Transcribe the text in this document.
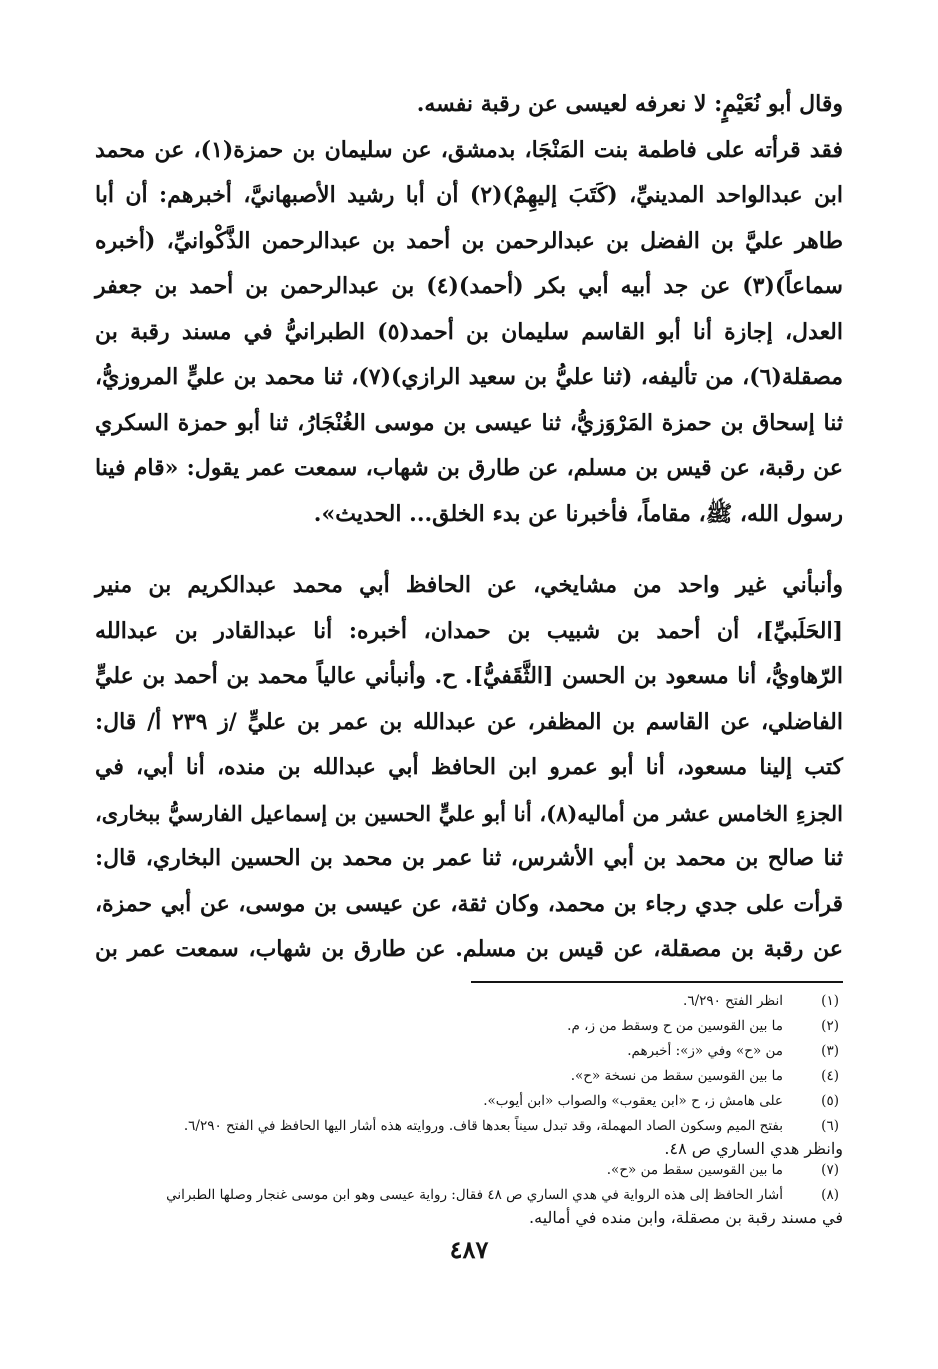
وقال أبو نُعَيْمٍ: لا نعرفه لعيسى عن رقبة نفسه.
فقد قرأته على فاطمة بنت المَنْجَا، بدمشق، عن سليمان بن حمزة(١)، عن محمد
ابن عبدالواحد المدينيِّ، (كَتَبَ إليهِمْ)(٢) أن أبا رشيد الأصبهانيَّ، أخبرهم: أن أبا
طاهر عليَّ بن الفضل بن عبدالرحمن بن أحمد بن عبدالرحمن الذَّكْوانيِّ، (أخبره
سماعاً)(٣) عن جد أبيه أبي بكر (أحمد)(٤) بن عبدالرحمن بن أحمد بن جعفر
العدل، إجازة أنا أبو القاسم سليمان بن أحمد(٥) الطبرانيُّ في مسند رقبة بن
مصقلة(٦)، من تأليفه، (ثنا عليُّ بن سعيد الرازي)(٧)، ثنا محمد بن عليٍّ المروزيُّ،
ثنا إسحاق بن حمزة المَرْوَزيُّ، ثنا عيسى بن موسى الغُنْجَارُ، ثنا أبو حمزة السكري
عن رقبة، عن قيس بن مسلم، عن طارق بن شهاب، سمعت عمر يقول: «قام فينا
رسول الله، ﷺ، مقاماً، فأخبرنا عن بدء الخلق... الحديث».
وأنبأني غير واحد من مشايخي، عن الحافظ أبي محمد عبدالكريم بن منير
[الحَلَبيِّ]، أن أحمد بن شبيب بن حمدان، أخبره: أنا عبدالقادر بن عبدالله
الرّهاويُّ، أنا مسعود بن الحسن [الثَّقَفيُّ]. ح. وأنبأني عالياً محمد بن أحمد بن عليٍّ
الفاضلي، عن القاسم بن المظفر، عن عبدالله بن عمر بن عليٍّ /ز ٢٣٩ أ/ قال:
كتب إلينا مسعود، أنا أبو عمرو ابن الحافظ أبي عبدالله بن منده، أنا أبي، في
الجزءِ الخامس عشر من أماليه(٨)، أنا أبو عليٍّ الحسين بن إسماعيل الفارسيُّ ببخارى،
ثنا صالح بن محمد بن أبي الأشرس، ثنا عمر بن محمد بن الحسين البخاري، قال:
قرأت على جدي رجاء بن محمد، وكان ثقة، عن عيسى بن موسى، عن أبي حمزة،
عن رقبة بن مصقلة، عن قيس بن مسلم. عن طارق بن شهاب، سمعت عمر بن
(١)
انظر الفتح ٦/٢٩٠.
(٢)
ما بين القوسين من ح وسقط من ز، م.
(٣)
من «ح» وفي «ز»: أخبرهم.
(٤)
ما بين القوسين سقط من نسخة «ح».
(٥)
على هامش ز، ح «ابن يعقوب» والصواب «ابن أيوب».
(٦)
بفتح الميم وسكون الصاد المهملة، وقد تبدل سيناً بعدها قاف. وروايته هذه أشار اليها الحافظ في الفتح ٦/٢٩٠.
وانظر هدي الساري ص ٤٨.
(٧)
ما بين القوسين سقط من «ح».
(٨)
أشار الحافظ إلى هذه الرواية في هدي الساري ص ٤٨ فقال: رواية عيسى وهو ابن موسى غنجار وصلها الطبراني
في مسند رقبة بن مصقلة، وابن منده في أماليه.
٤٨٧
